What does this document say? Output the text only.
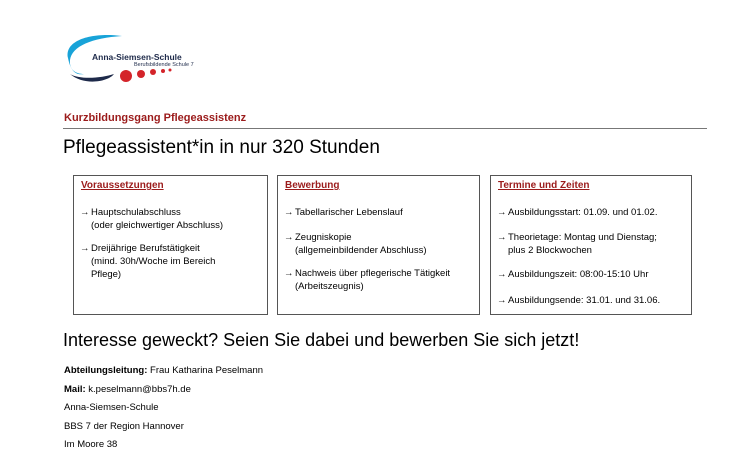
Anna-Siemsen-Schule
Berufsbildende Schule 7
Kurzbildungsgang Pflegeassistenz
Pflegeassistent*in in nur 320 Stunden
Voraussetzungen
→ Hauptschulabschluss
(oder gleichwertiger Abschluss)
→ Dreijährige Berufstätigkeit
(mind. 30h/Woche im Bereich
Pflege)
Bewerbung
→ Tabellarischer Lebenslauf
→ Zeugniskopie
(allgemeinbildender Abschluss)
→ Nachweis über pflegerische Tätigkeit
(Arbeitszeugnis)
Termine und Zeiten
→ Ausbildungsstart: 01.09. und 01.02.
→ Theorietage: Montag und Dienstag;
plus 2 Blockwochen
→ Ausbildungszeit: 08:00-15:10 Uhr
→ Ausbildungsende: 31.01. und 31.06.
Interesse geweckt? Seien Sie dabei und bewerben Sie sich jetzt!
Abteilungsleitung: Frau Katharina Peselmann
Mail: k.peselmann@bbs7h.de
Anna-Siemsen-Schule
BBS 7 der Region Hannover
Im Moore 38
